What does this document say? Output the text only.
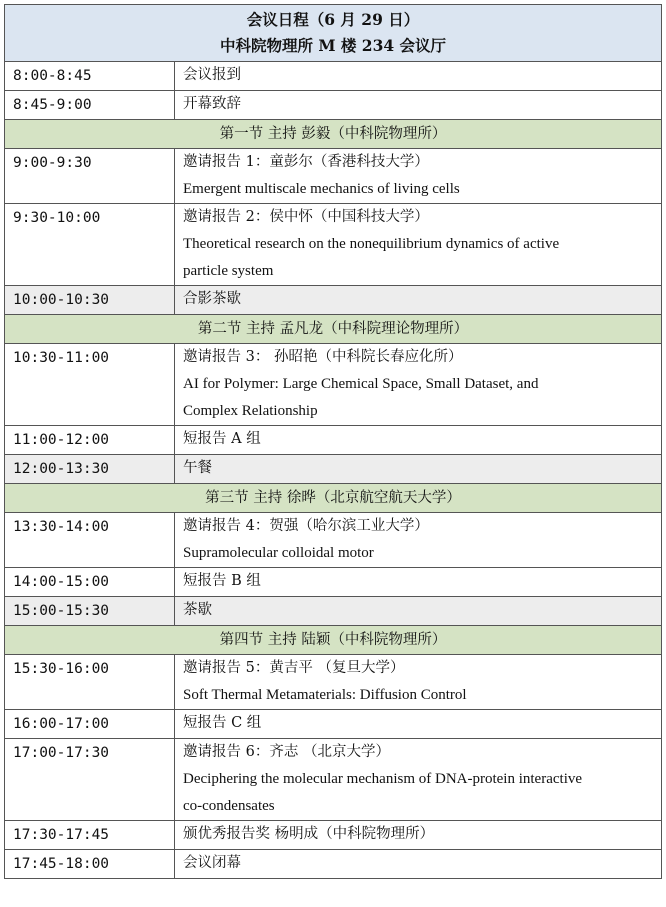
会议日程（6 月 29 日）
中科院物理所 M 楼 234 会议厅	

8:00-8:45	会议报到

8:45-9:00	开幕致辞

第一节 主持 彭毅（中科院物理所）	
9:00-9:30	邀请报告 1：童彭尔（香港科技大学）
Emergent multiscale mechanics of living cells

9:30-10:00	邀请报告 2：侯中怀（中国科技大学）
Theoretical research on the nonequilibrium dynamics of active
particle system

10:00-10:30	合影茶歇

第二节 主持 孟凡龙（中科院理论物理所）	
10:30-11:00	邀请报告 3： 孙昭艳（中科院长春应化所）
AI for Polymer: Large Chemical Space, Small Dataset, and
Complex Relationship

11:00-12:00	短报告 A 组

12:00-13:30	午餐

第三节 主持 徐晔（北京航空航天大学）	
13:30-14:00	邀请报告 4：贺强（哈尔滨工业大学）
Supramolecular colloidal motor

14:00-15:00	短报告 B 组

15:00-15:30	茶歇

第四节 主持 陆颖（中科院物理所）	
15:30-16:00	邀请报告 5：黄吉平 （复旦大学）
Soft Thermal Metamaterials: Diffusion Control

16:00-17:00	短报告 C 组

17:00-17:30	邀请报告 6：齐志 （北京大学）
Deciphering the molecular mechanism of DNA-protein interactive
co-condensates

17:30-17:45	颁优秀报告奖 杨明成（中科院物理所）

17:45-18:00	会议闭幕
